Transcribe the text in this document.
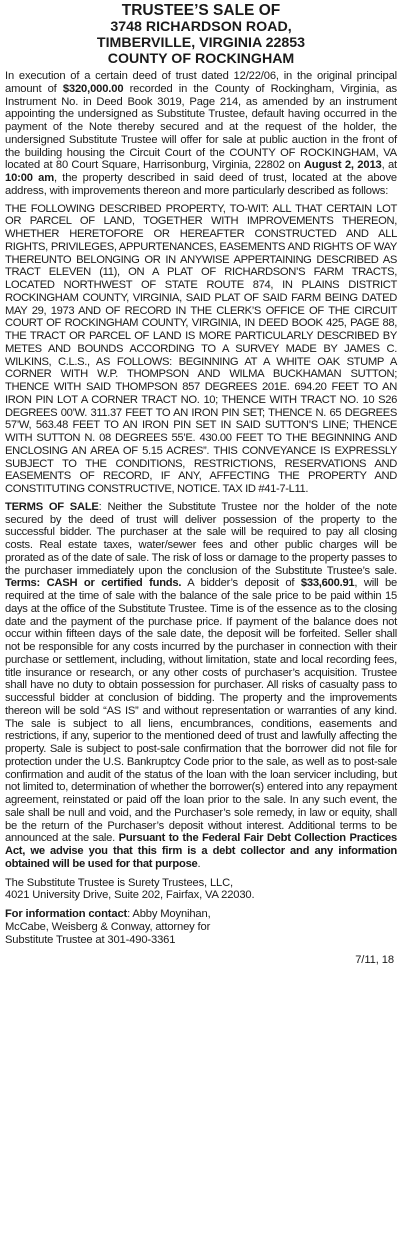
TRUSTEE’S SALE OF
3748 RICHARDSON ROAD,
TIMBERVILLE, VIRGINIA 22853
COUNTY OF ROCKINGHAM

In execution of a certain deed of trust dated 12/22/06, in the original principal amount of $320,000.00 recorded in the County of Rockingham, Virginia, as Instrument No. in Deed Book 3019, Page 214, as amended by an instrument appointing the undersigned as Substitute Trustee, default having occurred in the payment of the Note thereby secured and at the request of the holder, the undersigned Substitute Trustee will offer for sale at public auction in the front of the building housing the Circuit Court of the COUNTY OF ROCKINGHAM, VA located at 80 Court Square, Harrisonburg, Virginia, 22802 on August 2, 2013, at 10:00 am, the property described in said deed of trust, located at the above address, with improvements thereon and more particularly described as follows:

THE FOLLOWING DESCRIBED PROPERTY, TO-WIT: ALL THAT CERTAIN LOT OR PARCEL OF LAND, TOGETHER WITH IMPROVEMENTS THEREON, WHETHER HERETOFORE OR HEREAFTER CONSTRUCTED AND ALL RIGHTS, PRIVILEGES, APPURTENANCES, EASEMENTS AND RIGHTS OF WAY THEREUNTO BELONGING OR IN ANYWISE APPERTAINING DESCRIBED AS TRACT ELEVEN (11), ON A PLAT OF RICHARDSON’S FARM TRACTS, LOCATED NORTHWEST OF STATE ROUTE 874, IN PLAINS DISTRICT ROCKINGHAM COUNTY, VIRGINIA, SAID PLAT OF SAID FARM BEING DATED MAY 29, 1973 AND OF RECORD IN THE CLERK’S OFFICE OF THE CIRCUIT COURT OF ROCKINGHAM COUNTY, VIRGINIA, IN DEED BOOK 425, PAGE 88, THE TRACT OR PARCEL OF LAND IS MORE PARTICULARLY DESCRIBED BY METES AND BOUNDS ACCORDING TO A SURVEY MADE BY JAMES C. WILKINS, C.L.S., AS FOLLOWS: BEGINNING AT A WHITE OAK STUMP A CORNER WITH W.P. THOMPSON AND WILMA BUCKHAMAN SUTTON; THENCE WITH SAID THOMPSON 857 DEGREES 201E. 694.20 FEET TO AN IRON PIN LOT A CORNER TRACT NO. 10; THENCE WITH TRACT NO. 10 S26 DEGREES 00’W. 311.37 FEET TO AN IRON PIN SET; THENCE N. 65 DEGREES 57’W, 563.48 FEET TO AN IRON PIN SET IN SAID SUTTON’S LINE; THENCE WITH SUTTON N. 08 DEGREES 55’E. 430.00 FEET TO THE BEGINNING AND ENCLOSING AN AREA OF 5.15 ACRES”. THIS CONVEYANCE IS EXPRESSLY SUBJECT TO THE CONDITIONS, RESTRICTIONS, RESERVATIONS AND EASEMENTS OF RECORD, IF ANY, AFFECTING THE PROPERTY AND CONSTITUTING CONSTRUCTIVE, NOTICE. TAX ID #41-7-L11.

TERMS OF SALE: Neither the Substitute Trustee nor the holder of the note secured by the deed of trust will deliver possession of the property to the successful bidder. The purchaser at the sale will be required to pay all closing costs. Real estate taxes, water/sewer fees and other public charges will be prorated as of the date of sale. The risk of loss or damage to the property passes to the purchaser immediately upon the conclusion of the Substitute Trustee’s sale. Terms: CASH or certified funds. A bidder’s deposit of $33,600.91, will be required at the time of sale with the balance of the sale price to be paid within 15 days at the office of the Substitute Trustee. Time is of the essence as to the closing date and the payment of the purchase price. If payment of the balance does not occur within fifteen days of the sale date, the deposit will be forfeited. Seller shall not be responsible for any costs incurred by the purchaser in connection with their purchase or settlement, including, without limitation, state and local recording fees, title insurance or research, or any other costs of purchaser’s acquisition. Trustee shall have no duty to obtain possession for purchaser. All risks of casualty pass to successful bidder at conclusion of bidding. The property and the improvements thereon will be sold “AS IS” and without representation or warranties of any kind. The sale is subject to all liens, encumbrances, conditions, easements and restrictions, if any, superior to the mentioned deed of trust and lawfully affecting the property. Sale is subject to post-sale confirmation that the borrower did not file for protection under the U.S. Bankruptcy Code prior to the sale, as well as to post-sale confirmation and audit of the status of the loan with the loan servicer including, but not limited to, determination of whether the borrower(s) entered into any repayment agreement, reinstated or paid off the loan prior to the sale. In any such event, the sale shall be null and void, and the Purchaser’s sole remedy, in law or equity, shall be the return of the Purchaser’s deposit without interest. Additional terms to be announced at the sale. Pursuant to the Federal Fair Debt Collection Practices Act, we advise you that this firm is a debt collector and any information obtained will be used for that purpose.

The Substitute Trustee is Surety Trustees, LLC,
4021 University Drive, Suite 202, Fairfax, VA 22030.
For information contact: Abby Moynihan,
McCabe, Weisberg & Conway, attorney for
Substitute Trustee at 301-490-3361
7/11, 18
